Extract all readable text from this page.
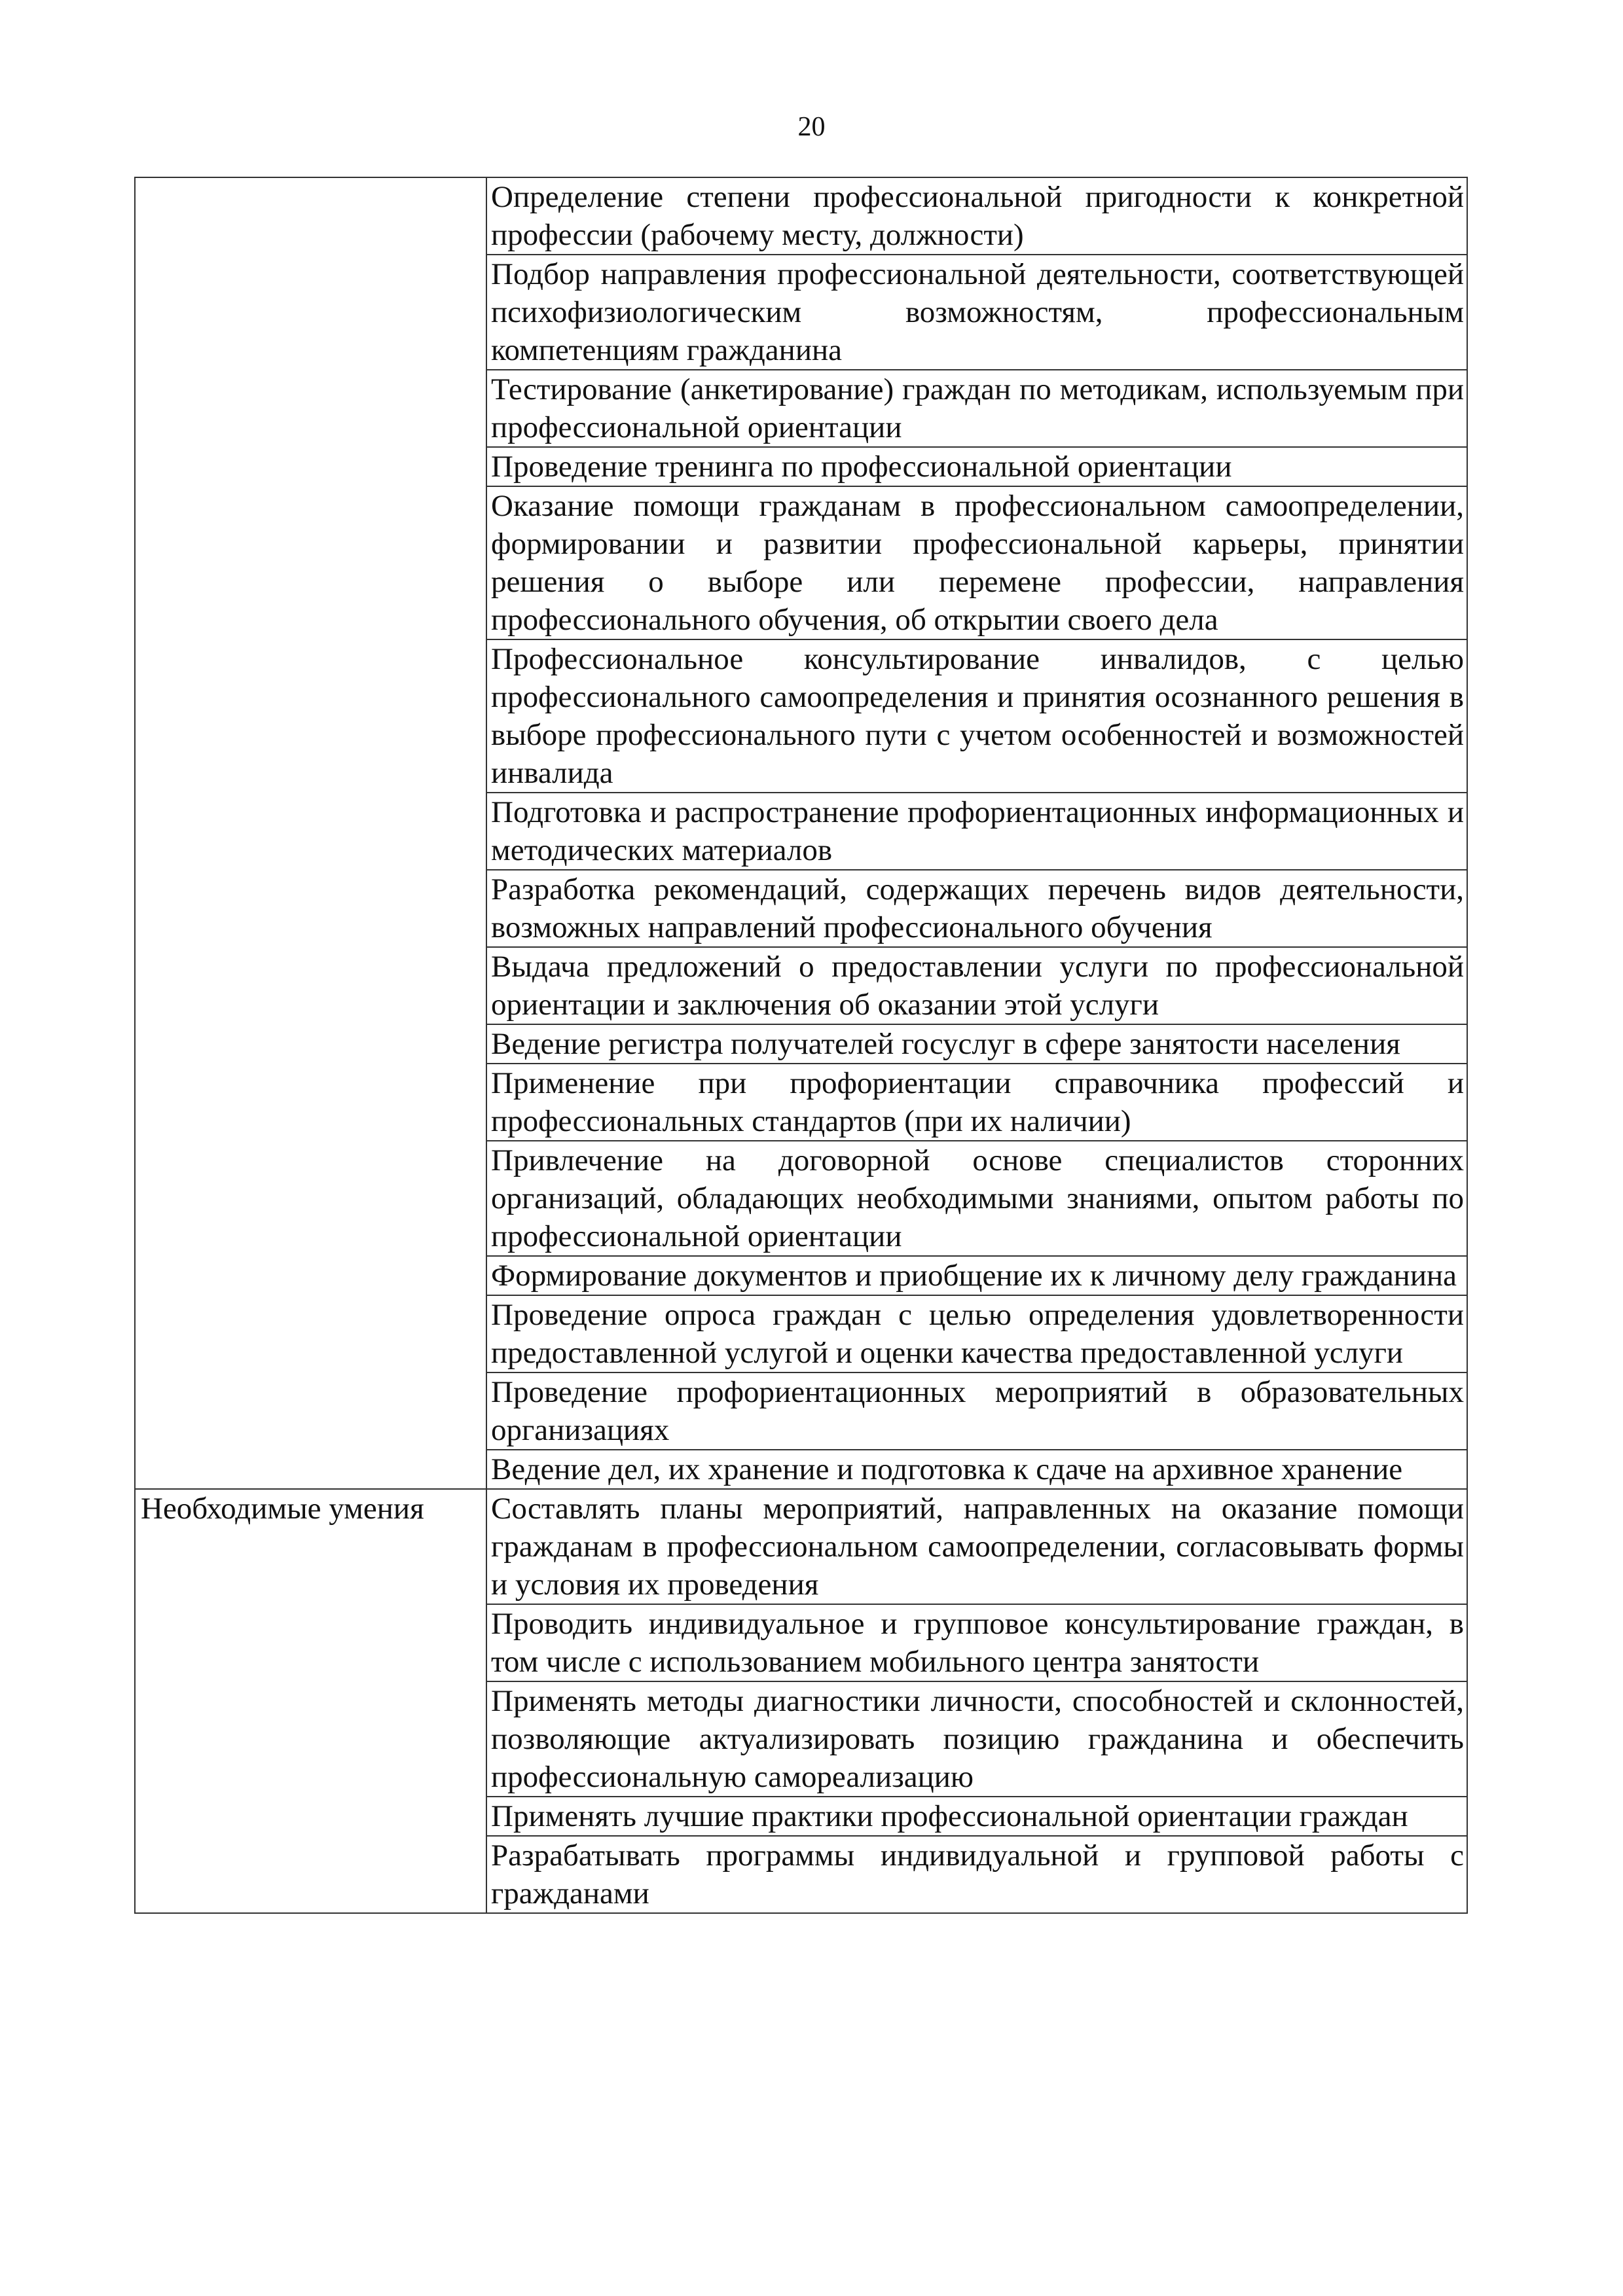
20
	Определение степени профессиональной пригодности к конкретной профессии (рабочему месту, должности)
	Подбор направления профессиональной деятельности, соответствующей психофизиологическим возможностям, профессиональным компетенциям гражданина
	Тестирование (анкетирование) граждан по методикам, используемым при профессиональной ориентации
	Проведение тренинга по профессиональной ориентации
	Оказание помощи гражданам в профессиональном самоопределении, формировании и развитии профессиональной карьеры, принятии решения о выборе или перемене профессии, направления профессионального обучения, об открытии своего дела
	Профессиональное консультирование инвалидов, с целью профессионального самоопределения и принятия осознанного решения в выборе профессионального пути с учетом особенностей и возможностей инвалида
	Подготовка и распространение профориентационных информационных и методических материалов
	Разработка рекомендаций, содержащих перечень видов деятельности, возможных направлений профессионального обучения
	Выдача предложений о предоставлении услуги по профессиональной ориентации и заключения об оказании этой услуги
	Ведение регистра получателей госуслуг в сфере занятости населения
	Применение при профориентации справочника профессий и профессиональных стандартов (при их наличии)
	Привлечение на договорной основе специалистов сторонних организаций, обладающих необходимыми знаниями, опытом работы по профессиональной ориентации
	Формирование документов и приобщение их к личному делу гражданина
	Проведение опроса граждан с целью определения удовлетворенности предоставленной услугой и оценки качества предоставленной услуги
	Проведение профориентационных мероприятий в образовательных организациях
	Ведение дел, их хранение и подготовка к сдаче на архивное хранение
Необходимые умения	Составлять планы мероприятий, направленных на оказание помощи гражданам в профессиональном самоопределении, согласовывать формы и условия их проведения
	Проводить индивидуальное и групповое консультирование граждан, в том числе с использованием мобильного центра занятости
	Применять методы диагностики личности, способностей и склонностей, позволяющие актуализировать позицию гражданина и обеспечить профессиональную самореализацию
	Применять лучшие практики профессиональной ориентации граждан
	Разрабатывать программы индивидуальной и групповой работы с гражданами
